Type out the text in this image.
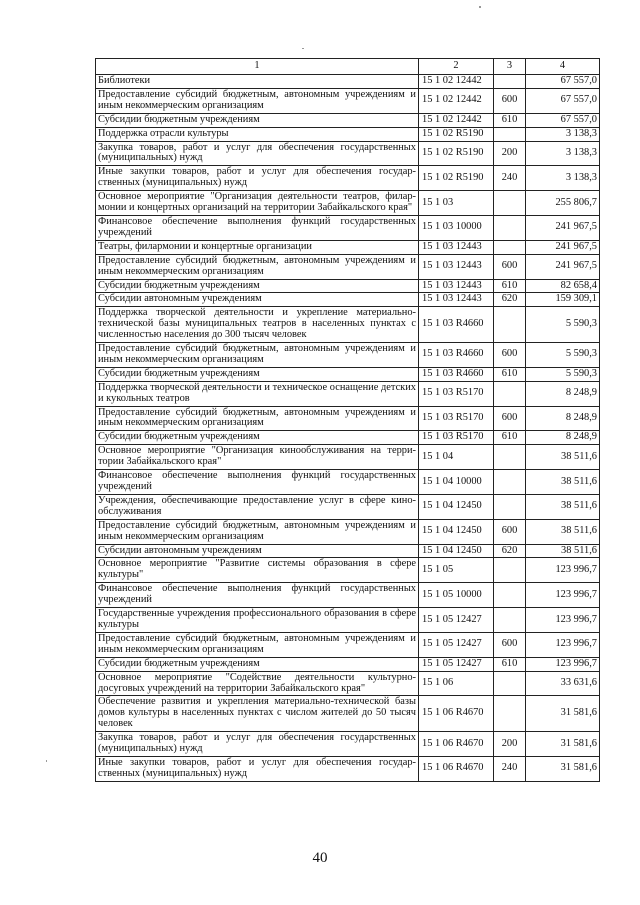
1	2	3	4
Библиотеки	15 1 02 12442		67 557,0
Предоставление субсидий бюджетным, автономным учреждениям и иным некоммерческим организациям	15 1 02 12442	600	67 557,0
Субсидии бюджетным учреждениям	15 1 02 12442	610	67 557,0
Поддержка отрасли культуры	15 1 02 R5190		3 138,3
Закупка товаров, работ и услуг для обеспечения государственных (муниципальных) нужд	15 1 02 R5190	200	3 138,3
Иные закупки товаров, работ и услуг для обеспечения государственных (муниципальных) нужд	15 1 02 R5190	240	3 138,3
Основное мероприятие "Организация деятельности театров, филармонии и концертных организаций на территории Забайкальского края"	15 1 03		255 806,7
Финансовое обеспечение выполнения функций государственных учреждений	15 1 03 10000		241 967,5
Театры, филармонии и концертные организации	15 1 03 12443		241 967,5
Предоставление субсидий бюджетным, автономным учреждениям и иным некоммерческим организациям	15 1 03 12443	600	241 967,5
Субсидии бюджетным учреждениям	15 1 03 12443	610	82 658,4
Субсидии автономным учреждениям	15 1 03 12443	620	159 309,1
Поддержка творческой деятельности и укрепление материально-технической базы муниципальных театров в населенных пунктах с численностью населения до 300 тысяч человек	15 1 03 R4660		5 590,3
Предоставление субсидий бюджетным, автономным учреждениям и иным некоммерческим организациям	15 1 03 R4660	600	5 590,3
Субсидии бюджетным учреждениям	15 1 03 R4660	610	5 590,3
Поддержка творческой деятельности и техническое оснащение детских и кукольных театров	15 1 03 R5170		8 248,9
Предоставление субсидий бюджетным, автономным учреждениям и иным некоммерческим организациям	15 1 03 R5170	600	8 248,9
Субсидии бюджетным учреждениям	15 1 03 R5170	610	8 248,9
Основное мероприятие "Организация кинообслуживания на территории Забайкальского края"	15 1 04		38 511,6
Финансовое обеспечение выполнения функций государственных учреждений	15 1 04 10000		38 511,6
Учреждения, обеспечивающие предоставление услуг в сфере кинообслуживания	15 1 04 12450		38 511,6
Предоставление субсидий бюджетным, автономным учреждениям и иным некоммерческим организациям	15 1 04 12450	600	38 511,6
Субсидии автономным учреждениям	15 1 04 12450	620	38 511,6
Основное мероприятие "Развитие системы образования в сфере культуры"	15 1 05		123 996,7
Финансовое обеспечение выполнения функций государственных учреждений	15 1 05 10000		123 996,7
Государственные учреждения профессионального образования в сфере культуры	15 1 05 12427		123 996,7
Предоставление субсидий бюджетным, автономным учреждениям и иным некоммерческим организациям	15 1 05 12427	600	123 996,7
Субсидии бюджетным учреждениям	15 1 05 12427	610	123 996,7
Основное мероприятие "Содействие деятельности культурно-досуговых учреждений на территории Забайкальского края"	15 1 06		33 631,6
Обеспечение развития и укрепления материально-технической базы домов культуры в населенных пунктах с числом жителей до 50 тысяч человек	15 1 06 R4670		31 581,6
Закупка товаров, работ и услуг для обеспечения государственных (муниципальных) нужд	15 1 06 R4670	200	31 581,6
Иные закупки товаров, работ и услуг для обеспечения государственных (муниципальных) нужд	15 1 06 R4670	240	31 581,6
40
